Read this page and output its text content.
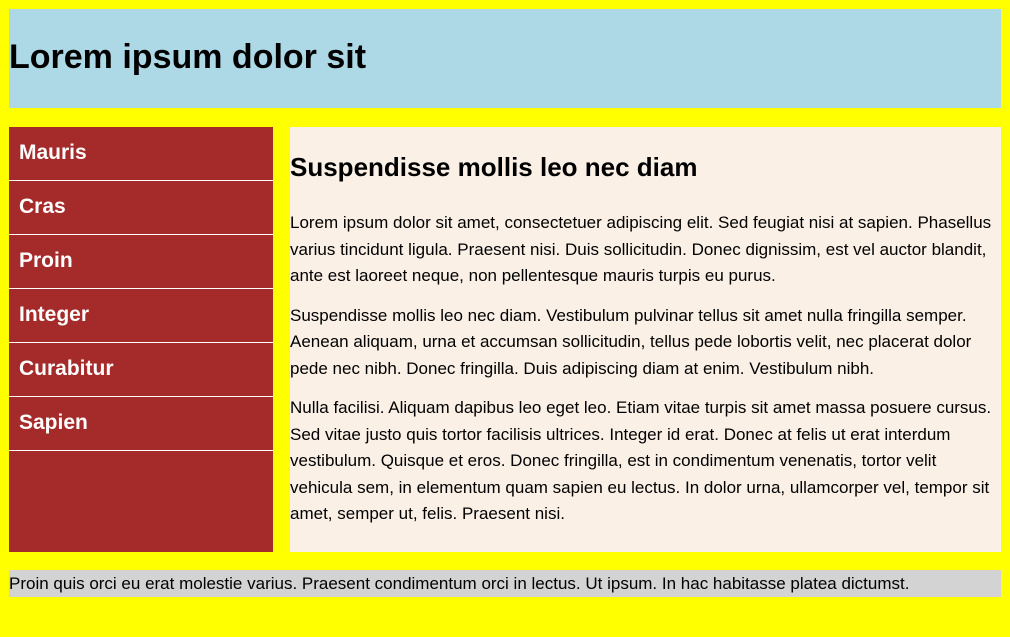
Lorem ipsum dolor sit
Mauris
Cras
Proin
Integer
Curabitur
Sapien
Suspendisse mollis leo nec diam

Lorem ipsum dolor sit amet, consectetuer adipiscing elit. Sed feugiat nisi at sapien. Phasellus varius tincidunt ligula. Praesent nisi. Duis sollicitudin. Donec dignissim, est vel auctor blandit, ante est laoreet neque, non pellentesque mauris turpis eu purus.

Suspendisse mollis leo nec diam. Vestibulum pulvinar tellus sit amet nulla fringilla semper. Aenean aliquam, urna et accumsan sollicitudin, tellus pede lobortis velit, nec placerat dolor pede nec nibh. Donec fringilla. Duis adipiscing diam at enim. Vestibulum nibh.

Nulla facilisi. Aliquam dapibus leo eget leo. Etiam vitae turpis sit amet massa posuere cursus. Sed vitae justo quis tortor facilisis ultrices. Integer id erat. Donec at felis ut erat interdum vestibulum. Quisque et eros. Donec fringilla, est in condimentum venenatis, tortor velit vehicula sem, in elementum quam sapien eu lectus. In dolor urna, ullamcorper vel, tempor sit amet, semper ut, felis. Praesent nisi.

Proin quis orci eu erat molestie varius. Praesent condimentum orci in lectus. Ut ipsum. In hac habitasse platea dictumst.
